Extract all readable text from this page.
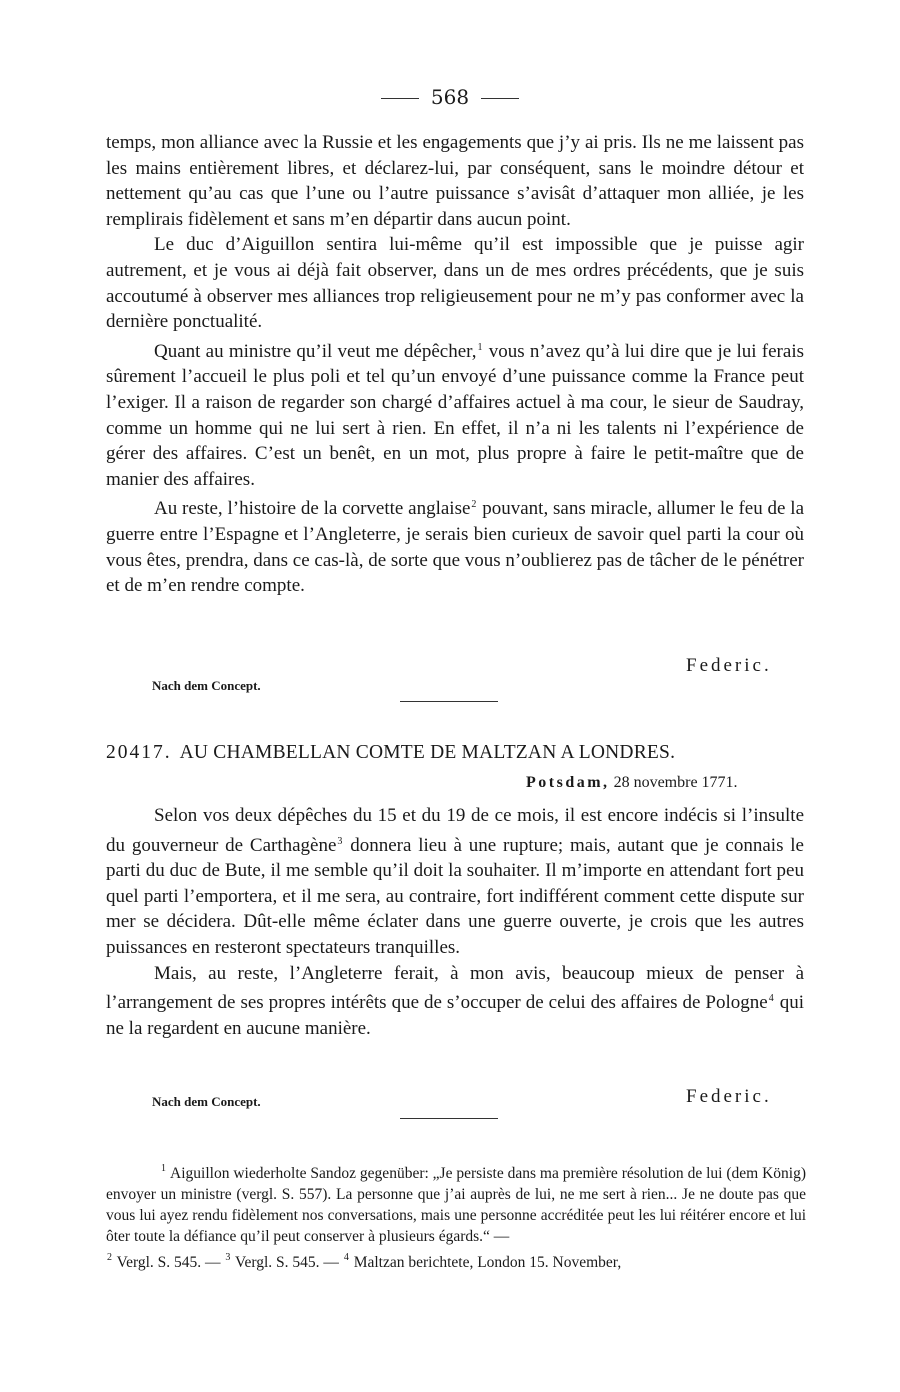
568

temps, mon alliance avec la Russie et les engagements que j’y ai pris. Ils ne me laissent pas les mains entièrement libres, et déclarez-lui, par conséquent, sans le moindre détour et nettement qu’au cas que l’une ou l’autre puissance s’avisât d’attaquer mon alliée, je les remplirais fidèlement et sans m’en départir dans aucun point.

Le duc d’Aiguillon sentira lui-même qu’il est impossible que je puisse agir autrement, et je vous ai déjà fait observer, dans un de mes ordres précédents, que je suis accoutumé à observer mes alliances trop religieusement pour ne m’y pas conformer avec la dernière ponctualité.

Quant au ministre qu’il veut me dépêcher,$^1$ vous n’avez qu’à lui dire que je lui ferais sûrement l’accueil le plus poli et tel qu’un envoyé d’une puissance comme la France peut l’exiger. Il a raison de regarder son chargé d’affaires actuel à ma cour, le sieur de Saudray, comme un homme qui ne lui sert à rien. En effet, il n’a ni les talents ni l’expérience de gérer des affaires. C’est un benêt, en un mot, plus propre à faire le petit-maître que de manier des affaires.

Au reste, l’histoire de la corvette anglaise$^2$ pouvant, sans miracle, allumer le feu de la guerre entre l’Espagne et l’Angleterre, je serais bien curieux de savoir quel parti la cour où vous êtes, prendra, dans ce cas-là, de sorte que vous n’oublierez pas de tâcher de le pénétrer et de m’en rendre compte.

Federic.
Nach dem Concept.
20417. AU CHAMBELLAN COMTE DE MALTZAN A LONDRES.
Potsdam, 28 novembre 1771.

Selon vos deux dépêches du 15 et du 19 de ce mois, il est encore indécis si l’insulte du gouverneur de Carthagène$^3$ donnera lieu à une rupture; mais, autant que je connais le parti du duc de Bute, il me semble qu’il doit la souhaiter. Il m’importe en attendant fort peu quel parti l’emportera, et il me sera, au contraire, fort indifférent comment cette dispute sur mer se décidera. Dût-elle même éclater dans une guerre ouverte, je crois que les autres puissances en resteront spectateurs tranquilles.

Mais, au reste, l’Angleterre ferait, à mon avis, beaucoup mieux de penser à l’arrangement de ses propres intérêts que de s’occuper de celui des affaires de Pologne$^4$ qui ne la regardent en aucune manière.

Nach dem Concept.	Federic.

$^1$ Aiguillon wiederholte Sandoz gegenüber: „Je persiste dans ma première résolution de lui (dem König) envoyer un ministre (vergl. S. 557). La personne que j’ai auprès de lui, ne me sert à rien... Je ne doute pas que vous lui ayez rendu fidèlement nos conversations, mais une personne accréditée peut les lui réitérer encore et lui ôter toute la défiance qu’il peut conserver à plusieurs égards.“ —

$^2$ Vergl. S. 545. — $^3$ Vergl. S. 545. — $^4$ Maltzan berichtete, London 15. November,
